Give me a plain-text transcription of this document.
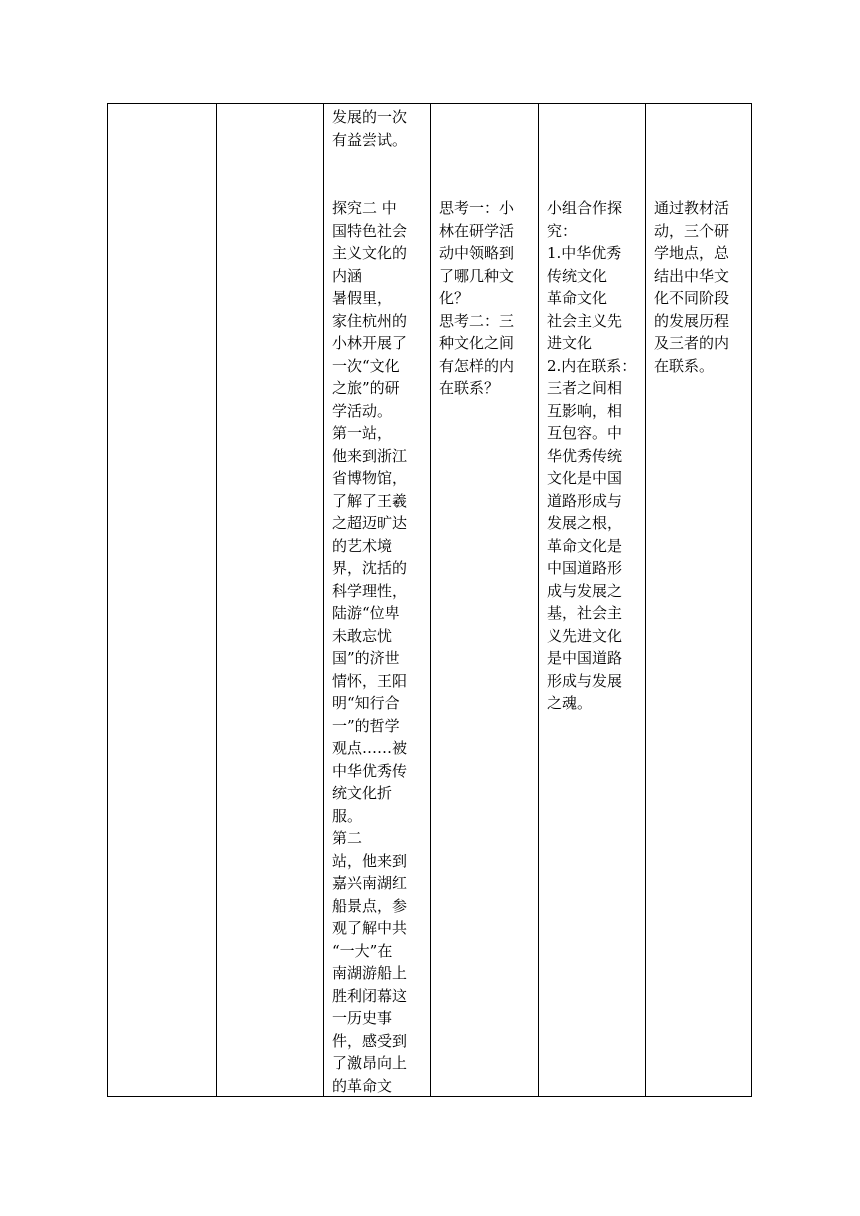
发展的一次
有益尝试。
探究二 中
国特色社会
主义文化的
内涵
暑假里，
家住杭州的
小林开展了
一次“文化
之旅”的研
学活动。
第一站，
他来到浙江
省博物馆，
了解了王羲
之超迈旷达
的艺术境
界，沈括的
科学理性，
陆游“位卑
未敢忘忧
国”的济世
情怀，王阳
明“知行合
一”的哲学
观点……被
中华优秀传
统文化折
服。
第二
站，他来到
嘉兴南湖红
船景点，参
观了解中共
“一大”在
南湖游船上
胜利闭幕这
一历史事
件，感受到
了激昂向上
的革命文
思考一：小
林在研学活
动中领略到
了哪几种文
化？
思考二：三
种文化之间
有怎样的内
在联系？
小组合作探
究：
1.中华优秀
传统文化
革命文化
社会主义先
进文化
2.内在联系：
三者之间相
互影响，相
互包容。中
华优秀传统
文化是中国
道路形成与
发展之根，
革命文化是
中国道路形
成与发展之
基，社会主
义先进文化
是中国道路
形成与发展
之魂。
通过教材活
动，三个研
学地点，总
结出中华文
化不同阶段
的发展历程
及三者的内
在联系。
